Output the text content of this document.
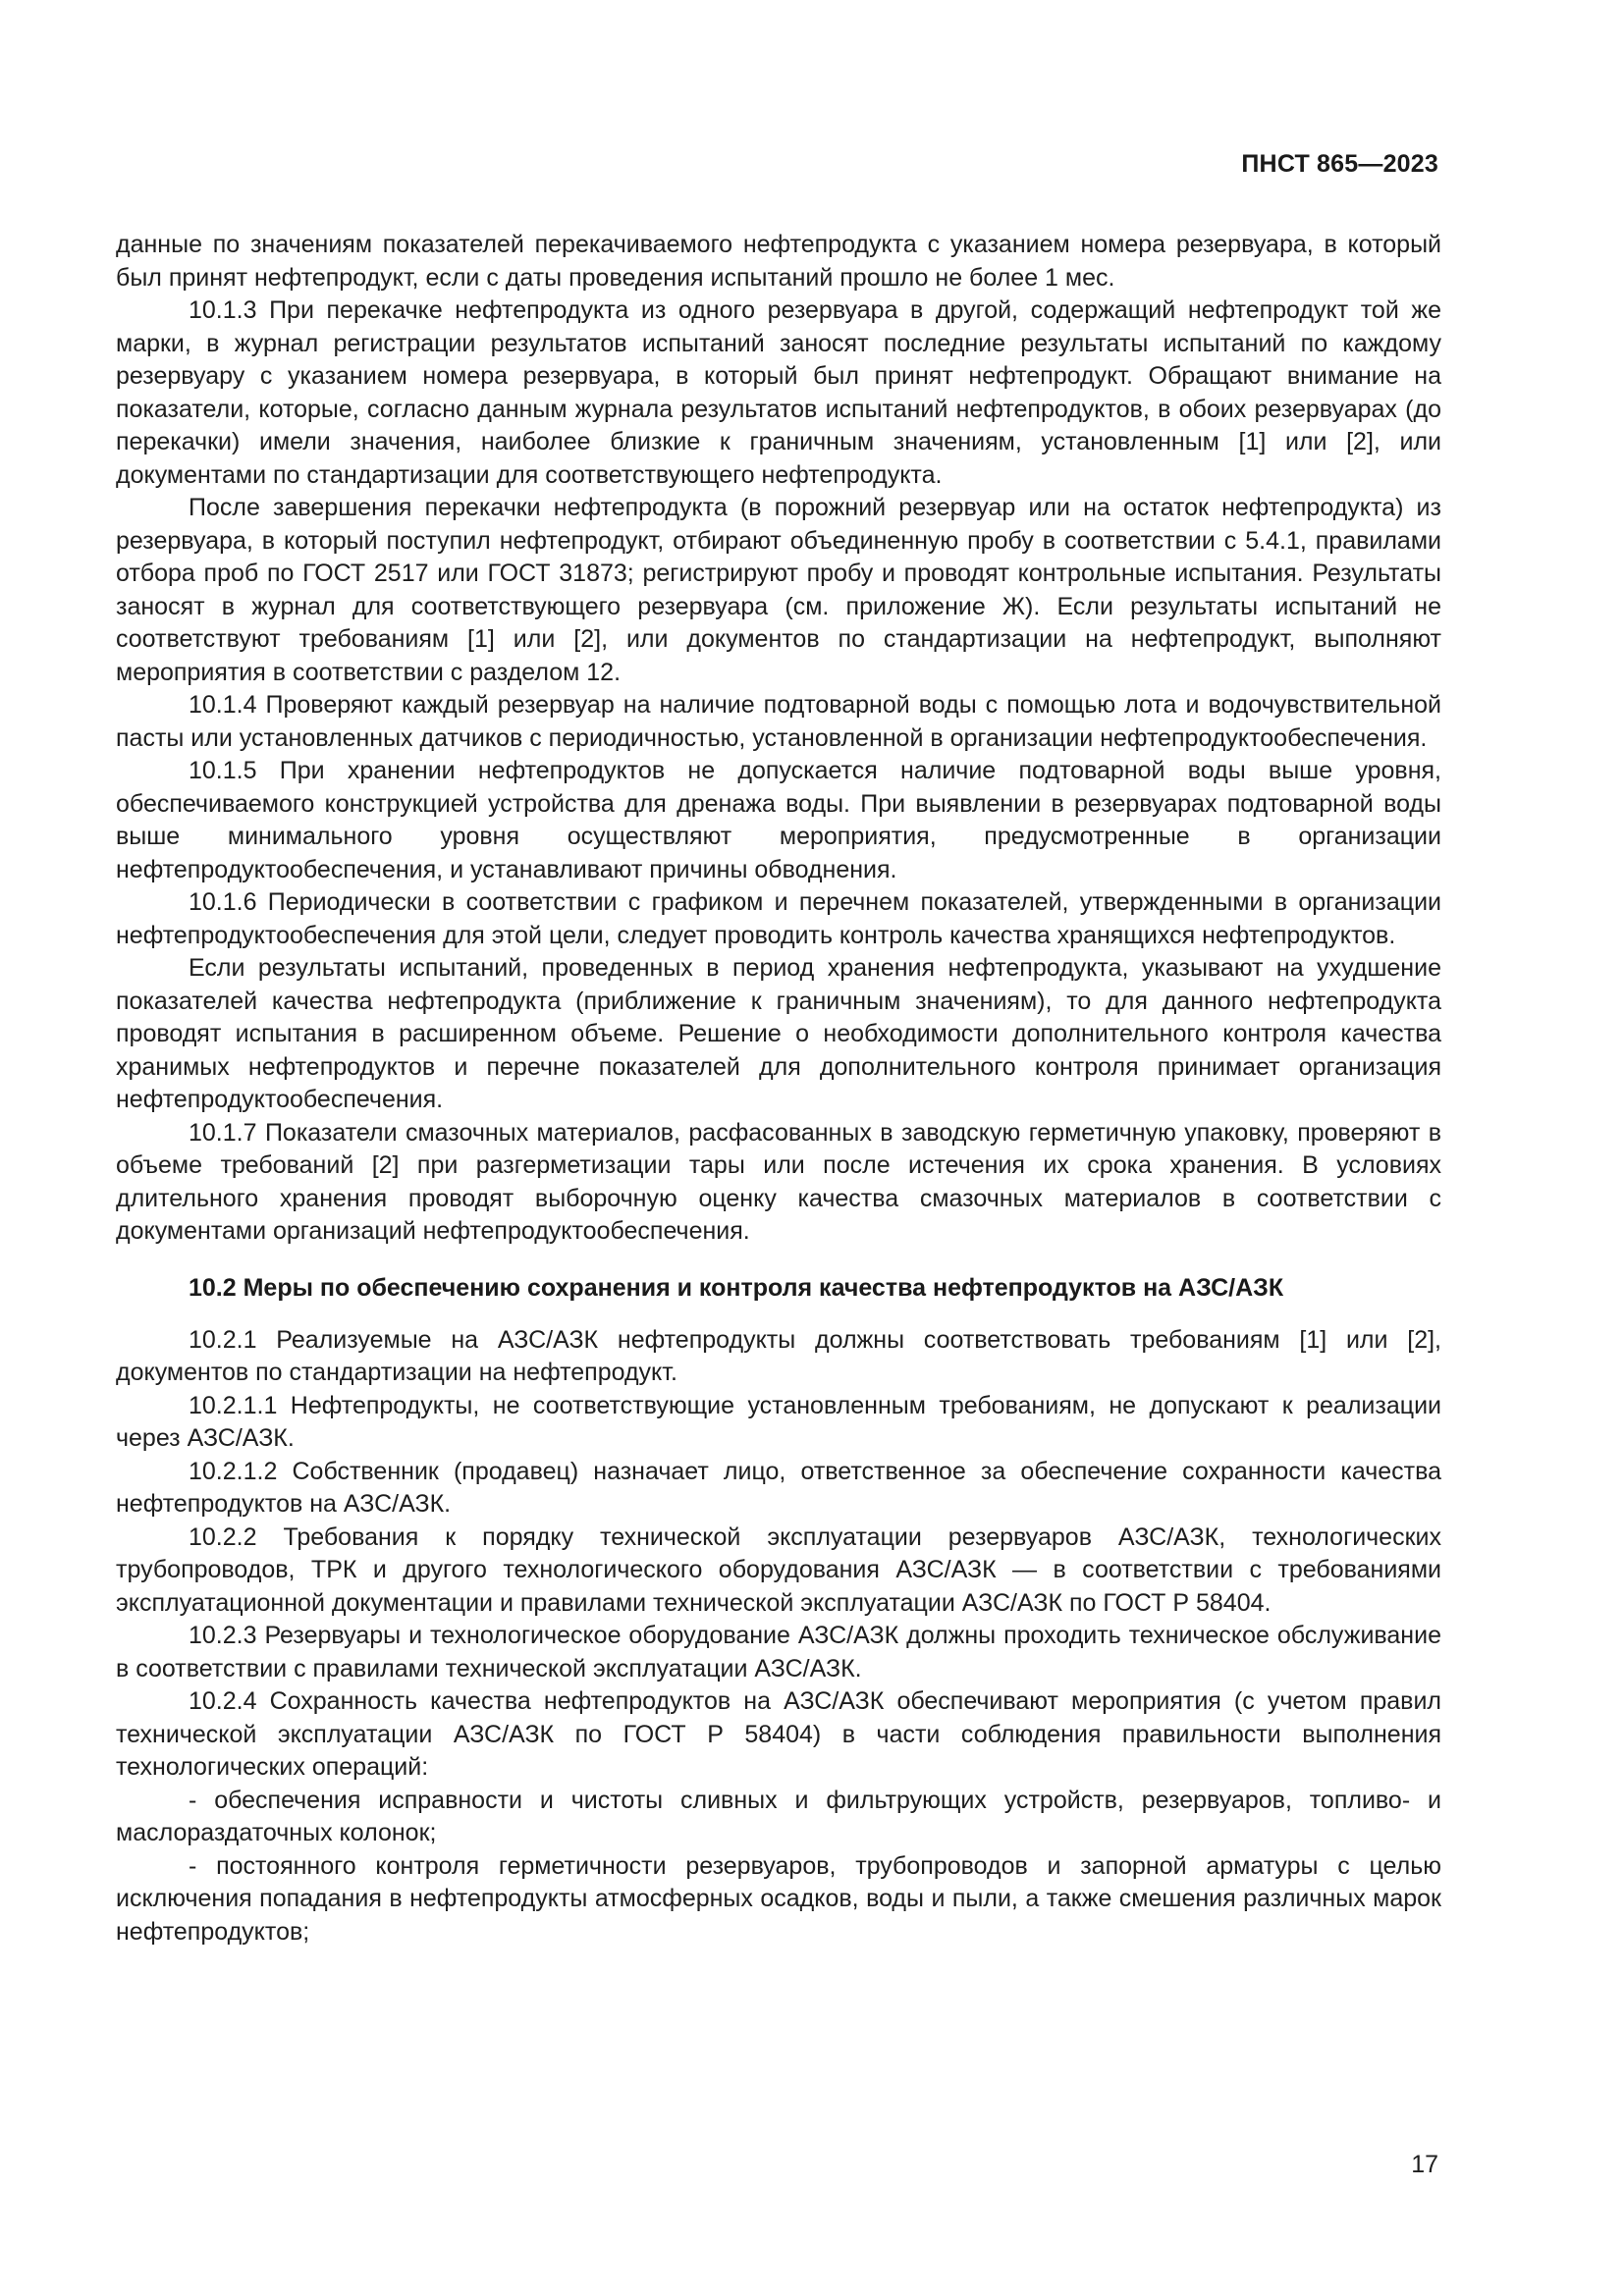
ПНСТ 865—2023

данные по значениям показателей перекачиваемого нефтепродукта с указанием номера резервуара, в который был принят нефтепродукт, если с даты проведения испытаний прошло не более 1 мес.

10.1.3 При перекачке нефтепродукта из одного резервуара в другой, содержащий нефтепродукт той же марки, в журнал регистрации результатов испытаний заносят последние результаты испытаний по каждому резервуару с указанием номера резервуара, в который был принят нефтепродукт. Обращают внимание на показатели, которые, согласно данным журнала результатов испытаний нефтепродуктов, в обоих резервуарах (до перекачки) имели значения, наиболее близкие к граничным значениям, установленным [1] или [2], или документами по стандартизации для соответствующего нефтепродукта.

После завершения перекачки нефтепродукта (в порожний резервуар или на остаток нефтепродукта) из резервуара, в который поступил нефтепродукт, отбирают объединенную пробу в соответствии с 5.4.1, правилами отбора проб по ГОСТ 2517 или ГОСТ 31873; регистрируют пробу и проводят контрольные испытания. Результаты заносят в журнал для соответствующего резервуара (см. приложение Ж). Если результаты испытаний не соответствуют требованиям [1] или [2], или документов по стандартизации на нефтепродукт, выполняют мероприятия в соответствии с разделом 12.

10.1.4 Проверяют каждый резервуар на наличие подтоварной воды с помощью лота и водочувствительной пасты или установленных датчиков с периодичностью, установленной в организации нефтепродуктообеспечения.

10.1.5 При хранении нефтепродуктов не допускается наличие подтоварной воды выше уровня, обеспечиваемого конструкцией устройства для дренажа воды. При выявлении в резервуарах подтоварной воды выше минимального уровня осуществляют мероприятия, предусмотренные в организации нефтепродуктообеспечения, и устанавливают причины обводнения.

10.1.6 Периодически в соответствии с графиком и перечнем показателей, утвержденными в организации нефтепродуктообеспечения для этой цели, следует проводить контроль качества хранящихся нефтепродуктов.

Если результаты испытаний, проведенных в период хранения нефтепродукта, указывают на ухудшение показателей качества нефтепродукта (приближение к граничным значениям), то для данного нефтепродукта проводят испытания в расширенном объеме. Решение о необходимости дополнительного контроля качества хранимых нефтепродуктов и перечне показателей для дополнительного контроля принимает организация нефтепродуктообеспечения.

10.1.7 Показатели смазочных материалов, расфасованных в заводскую герметичную упаковку, проверяют в объеме требований [2] при разгерметизации тары или после истечения их срока хранения. В условиях длительного хранения проводят выборочную оценку качества смазочных материалов в соответствии с документами организаций нефтепродуктообеспечения.

10.2 Меры по обеспечению сохранения и контроля качества нефтепродуктов на АЗС/АЗК

10.2.1 Реализуемые на АЗС/АЗК нефтепродукты должны соответствовать требованиям [1] или [2], документов по стандартизации на нефтепродукт.

10.2.1.1 Нефтепродукты, не соответствующие установленным требованиям, не допускают к реализации через АЗС/АЗК.

10.2.1.2 Собственник (продавец) назначает лицо, ответственное за обеспечение сохранности качества нефтепродуктов на АЗС/АЗК.

10.2.2 Требования к порядку технической эксплуатации резервуаров АЗС/АЗК, технологических трубопроводов, ТРК и другого технологического оборудования АЗС/АЗК — в соответствии с требованиями эксплуатационной документации и правилами технической эксплуатации АЗС/АЗК по ГОСТ Р 58404.

10.2.3 Резервуары и технологическое оборудование АЗС/АЗК должны проходить техническое обслуживание в соответствии с правилами технической эксплуатации АЗС/АЗК.

10.2.4 Сохранность качества нефтепродуктов на АЗС/АЗК обеспечивают мероприятия (с учетом правил технической эксплуатации АЗС/АЗК по ГОСТ Р 58404) в части соблюдения правильности выполнения технологических операций:

- обеспечения исправности и чистоты сливных и фильтрующих устройств, резервуаров, топливо- и маслораздаточных колонок;

- постоянного контроля герметичности резервуаров, трубопроводов и запорной арматуры с целью исключения попадания в нефтепродукты атмосферных осадков, воды и пыли, а также смешения различных марок нефтепродуктов;

17
